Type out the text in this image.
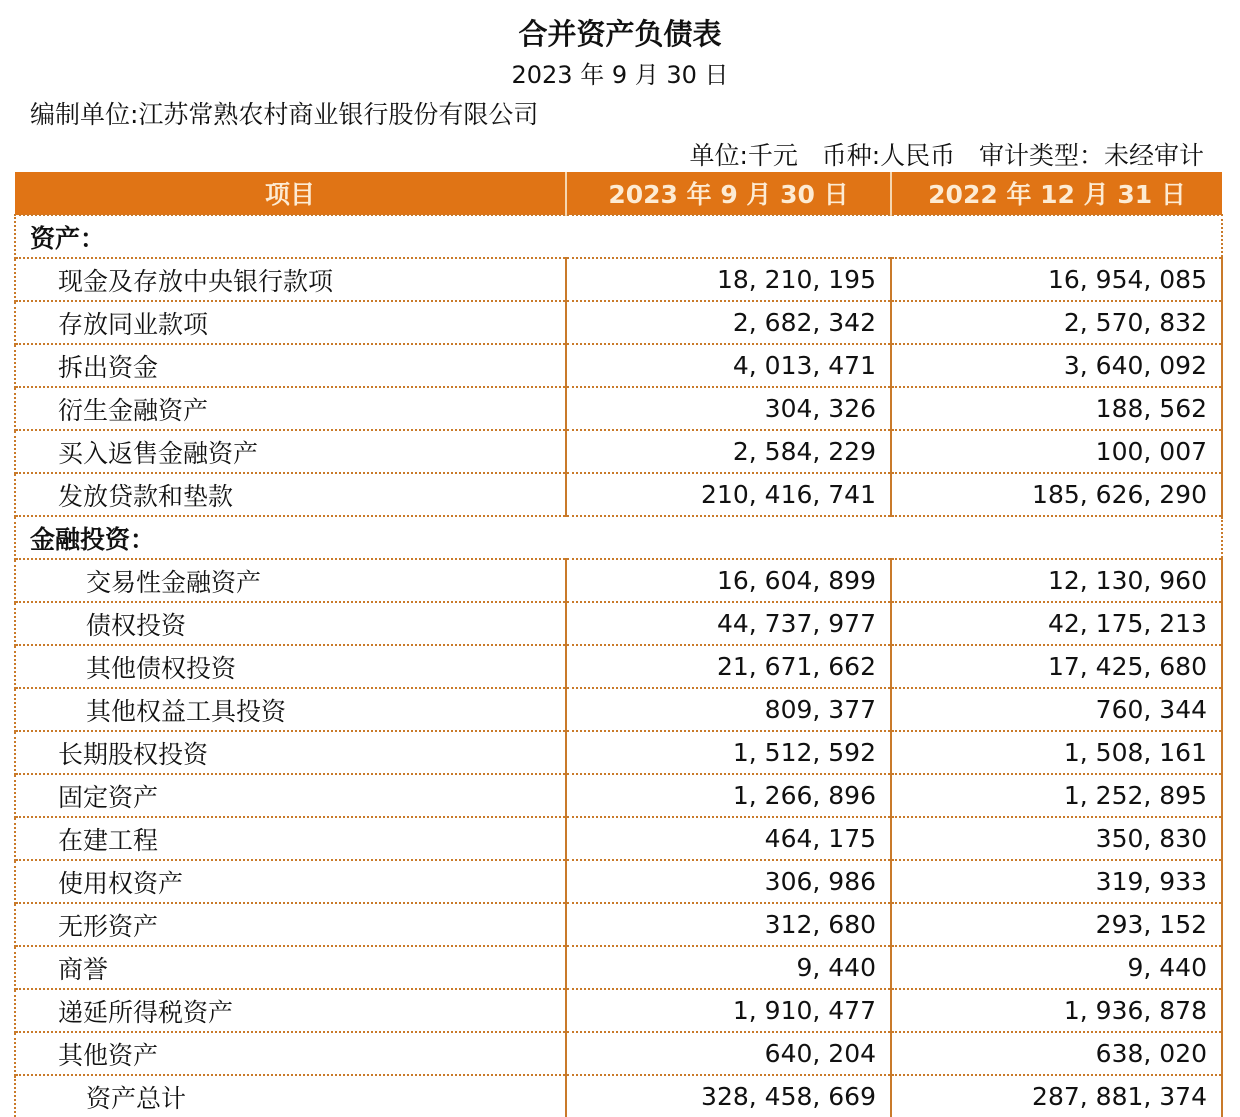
合并资产负债表
2023 年 9 月 30 日
编制单位:江苏常熟农村商业银行股份有限公司
单位:千元   币种:人民币   审计类型：未经审计
项目	2023 年 9 月 30 日	2022 年 12 月 31 日
资产：		
现金及存放中央银行款项	18, 210, 195	16, 954, 085
存放同业款项	2, 682, 342	2, 570, 832
拆出资金	4, 013, 471	3, 640, 092
衍生金融资产	304, 326	188, 562
买入返售金融资产	2, 584, 229	100, 007
发放贷款和垫款	210, 416, 741	185, 626, 290
金融投资：		
交易性金融资产	16, 604, 899	12, 130, 960
债权投资	44, 737, 977	42, 175, 213
其他债权投资	21, 671, 662	17, 425, 680
其他权益工具投资	809, 377	760, 344
长期股权投资	1, 512, 592	1, 508, 161
固定资产	1, 266, 896	1, 252, 895
在建工程	464, 175	350, 830
使用权资产	306, 986	319, 933
无形资产	312, 680	293, 152
商誉	9, 440	9, 440
递延所得税资产	1, 910, 477	1, 936, 878
其他资产	640, 204	638, 020
资产总计	328, 458, 669	287, 881, 374
